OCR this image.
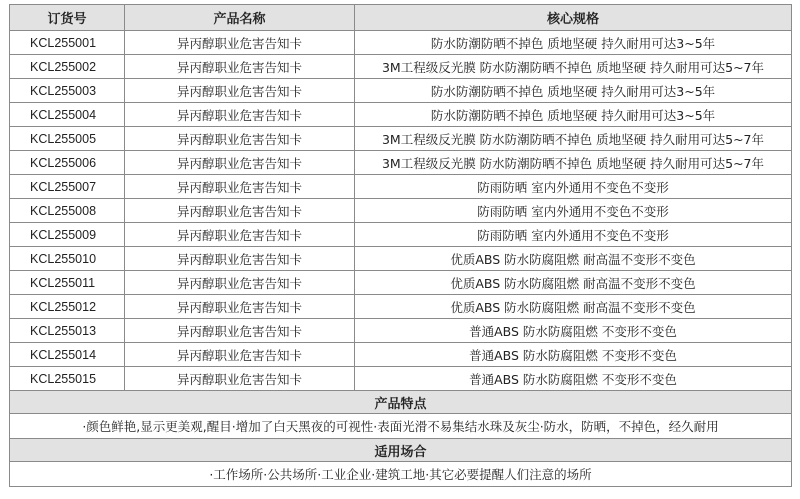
订货号	产品名称	核心规格
KCL255001	异丙醇职业危害告知卡	防水防潮防晒不掉色 质地坚硬 持久耐用可达3~5年
KCL255002	异丙醇职业危害告知卡	3M工程级反光膜 防水防潮防晒不掉色 质地坚硬 持久耐用可达5~7年
KCL255003	异丙醇职业危害告知卡	防水防潮防晒不掉色 质地坚硬 持久耐用可达3~5年
KCL255004	异丙醇职业危害告知卡	防水防潮防晒不掉色 质地坚硬 持久耐用可达3~5年
KCL255005	异丙醇职业危害告知卡	3M工程级反光膜 防水防潮防晒不掉色 质地坚硬 持久耐用可达5~7年
KCL255006	异丙醇职业危害告知卡	3M工程级反光膜 防水防潮防晒不掉色 质地坚硬 持久耐用可达5~7年
KCL255007	异丙醇职业危害告知卡	防雨防晒 室内外通用不变色不变形
KCL255008	异丙醇职业危害告知卡	防雨防晒 室内外通用不变色不变形
KCL255009	异丙醇职业危害告知卡	防雨防晒 室内外通用不变色不变形
KCL255010	异丙醇职业危害告知卡	优质ABS 防水防腐阻燃 耐高温不变形不变色
KCL255011	异丙醇职业危害告知卡	优质ABS 防水防腐阻燃 耐高温不变形不变色
KCL255012	异丙醇职业危害告知卡	优质ABS 防水防腐阻燃 耐高温不变形不变色
KCL255013	异丙醇职业危害告知卡	普通ABS 防水防腐阻燃 不变形不变色
KCL255014	异丙醇职业危害告知卡	普通ABS 防水防腐阻燃 不变形不变色
KCL255015	异丙醇职业危害告知卡	普通ABS 防水防腐阻燃 不变形不变色
产品特点		
·颜色鲜艳,显示更美观,醒目·增加了白天黑夜的可视性·表面光滑不易集结水珠及灰尘·防水，防晒，不掉色，经久耐用		
适用场合		
·工作场所·公共场所·工业企业·建筑工地·其它必要提醒人们注意的场所		
